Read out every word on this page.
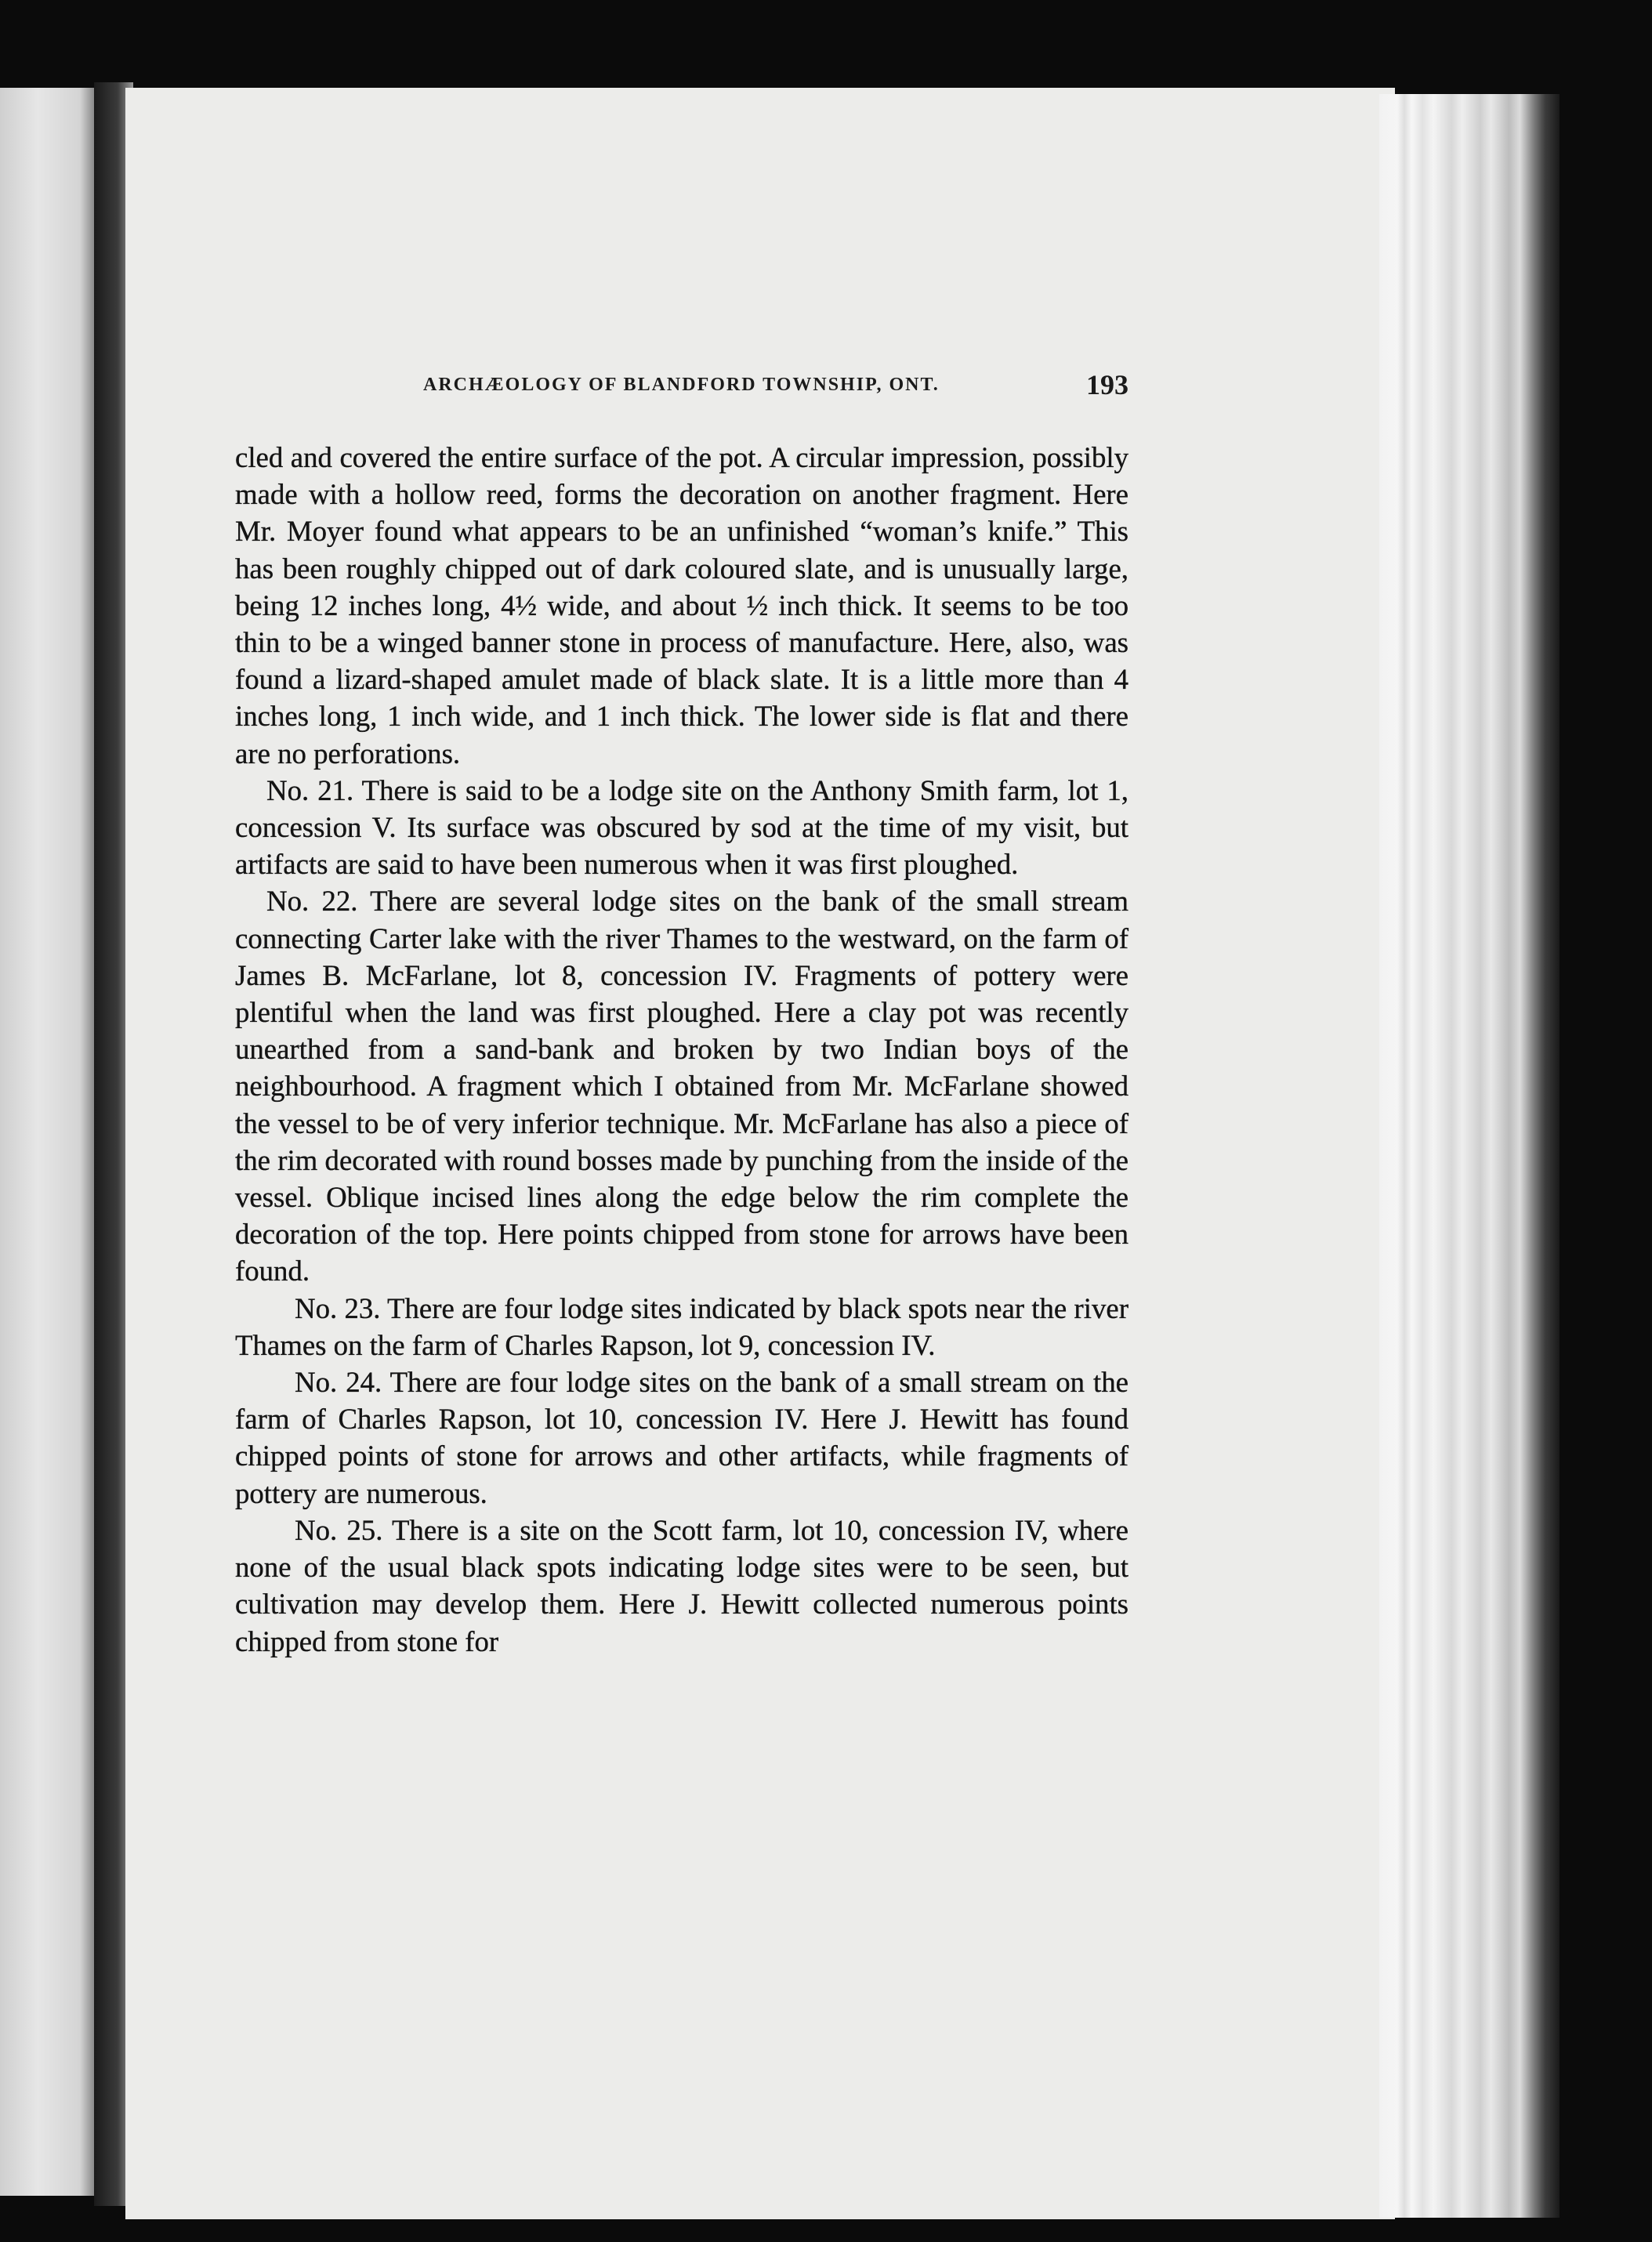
ARCHÆOLOGY OF BLANDFORD TOWNSHIP, ONT.	193

cled and covered the entire surface of the pot. A circular impression, possibly made with a hollow reed, forms the decoration on another fragment. Here Mr. Moyer found what appears to be an unfinished “woman’s knife.” This has been roughly chipped out of dark coloured slate, and is unusually large, being 12 inches long, 4½ wide, and about ½ inch thick. It seems to be too thin to be a winged banner stone in process of manufacture. Here, also, was found a lizard-shaped amulet made of black slate. It is a little more than 4 inches long, 1 inch wide, and 1 inch thick. The lower side is flat and there are no perforations.

No. 21. There is said to be a lodge site on the Anthony Smith farm, lot 1, concession V. Its surface was obscured by sod at the time of my visit, but artifacts are said to have been numerous when it was first ploughed.

No. 22. There are several lodge sites on the bank of the small stream connecting Carter lake with the river Thames to the westward, on the farm of James B. McFarlane, lot 8, concession IV. Fragments of pottery were plentiful when the land was first ploughed. Here a clay pot was recently unearthed from a sand-bank and broken by two Indian boys of the neighbourhood. A fragment which I obtained from Mr. McFarlane showed the vessel to be of very inferior technique. Mr. McFarlane has also a piece of the rim decorated with round bosses made by punching from the inside of the vessel. Oblique incised lines along the edge below the rim complete the decoration of the top. Here points chipped from stone for arrows have been found.

No. 23. There are four lodge sites indicated by black spots near the river Thames on the farm of Charles Rapson, lot 9, concession IV.

No. 24. There are four lodge sites on the bank of a small stream on the farm of Charles Rapson, lot 10, concession IV. Here J. Hewitt has found chipped points of stone for arrows and other artifacts, while fragments of pottery are numerous.

No. 25. There is a site on the Scott farm, lot 10, concession IV, where none of the usual black spots indicating lodge sites were to be seen, but cultivation may develop them. Here J. Hewitt collected numerous points chipped from stone for
